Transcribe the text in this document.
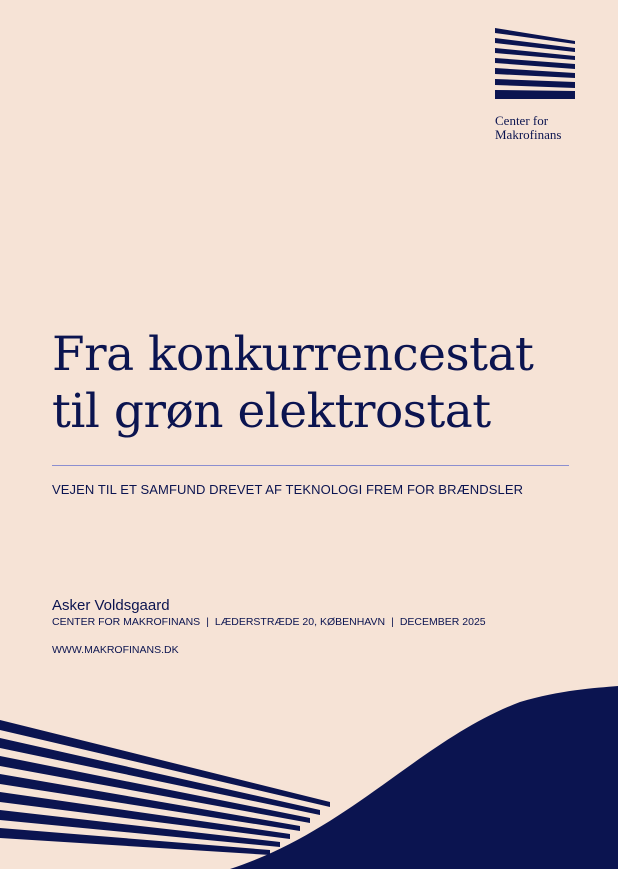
Center for
Makrofinans
Fra konkurrencestat
til grøn elektrostat
VEJEN TIL ET SAMFUND DREVET AF TEKNOLOGI FREM FOR BRÆNDSLER
Asker Voldsgaard
CENTER FOR MAKROFINANS | LÆDERSTRÆDE 20, KØBENHAVN | DECEMBER 2025
WWW.MAKROFINANS.DK
